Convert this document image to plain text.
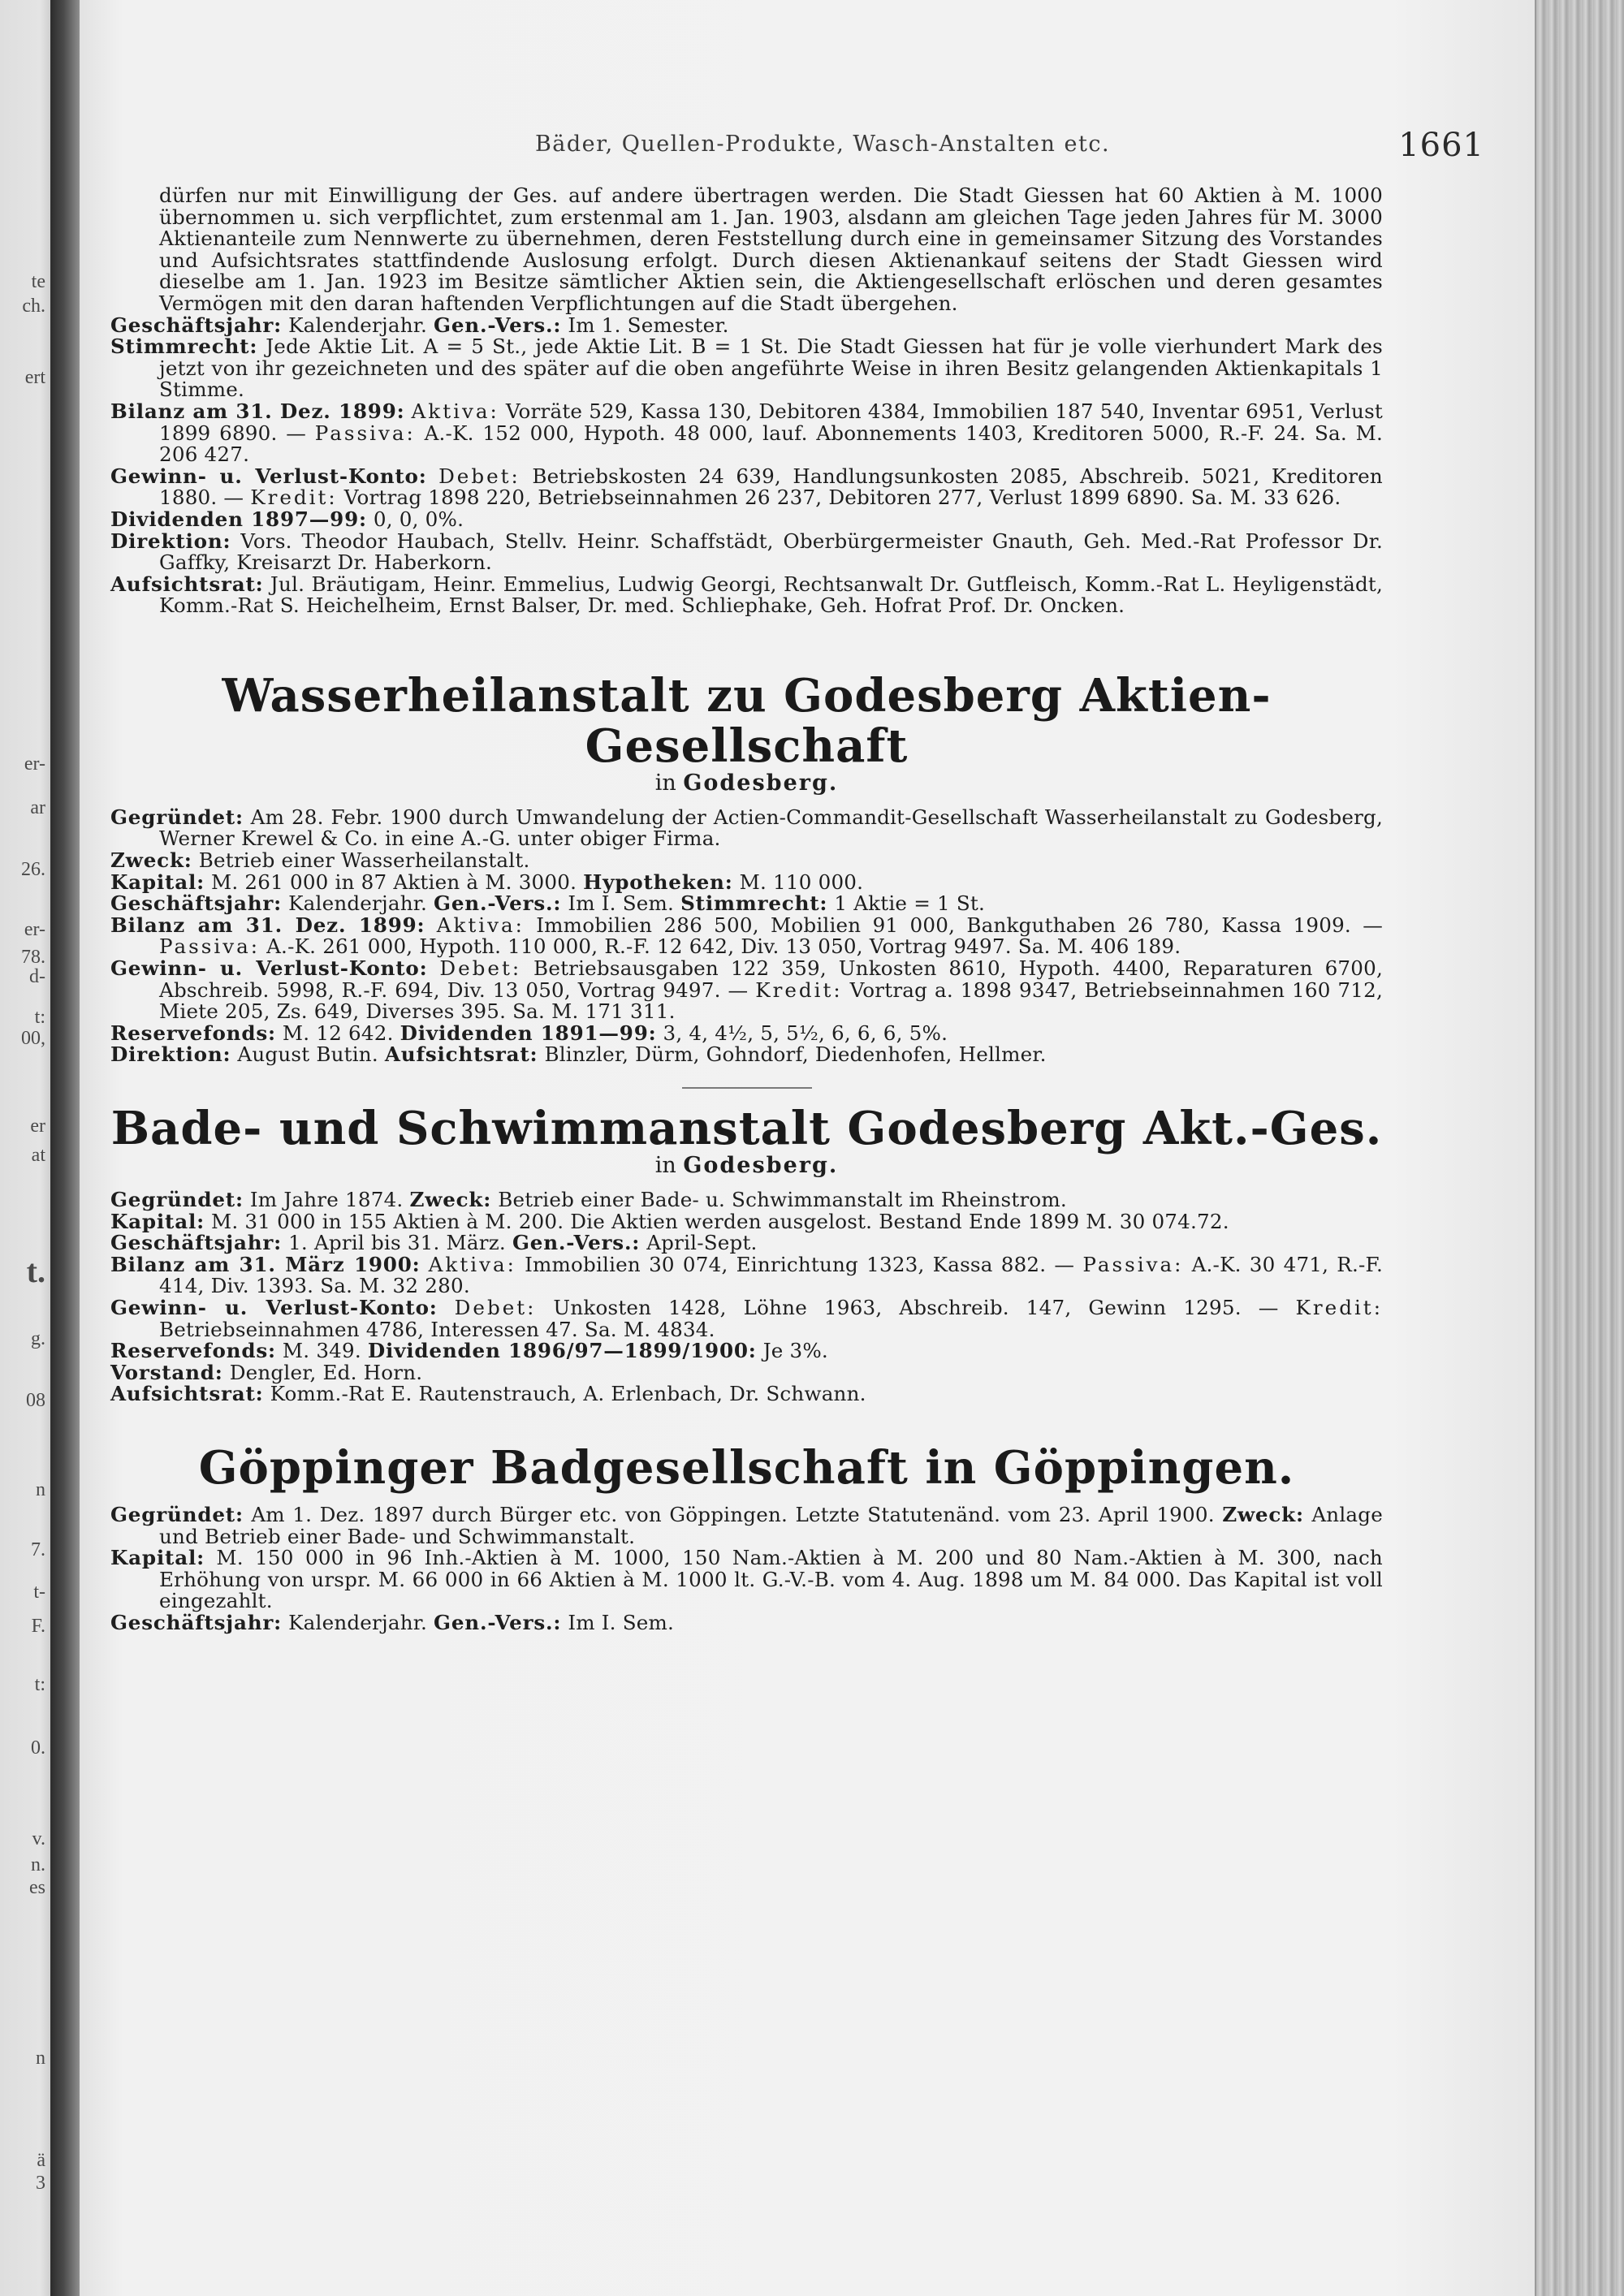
te
ch.
ert
er-
ar
26.
er-
78.
d-
t:
00,
er
at
t.
g.
08
n
7.
t-
F.
t:
0.
v.
n.
es
n
ä
3
Bäder, Quellen-Produkte, Wasch-Anstalten etc.	1661

dürfen nur mit Einwilligung der Ges. auf andere übertragen werden. Die Stadt Giessen hat 60 Aktien à M. 1000 übernommen u. sich verpflichtet, zum erstenmal am 1. Jan. 1903, alsdann am gleichen Tage jeden Jahres für M. 3000 Aktienanteile zum Nennwerte zu übernehmen, deren Feststellung durch eine in gemeinsamer Sitzung des Vorstandes und Aufsichtsrates stattfindende Auslosung erfolgt. Durch diesen Aktienankauf seitens der Stadt Giessen wird dieselbe am 1. Jan. 1923 im Besitze sämtlicher Aktien sein, die Aktiengesellschaft erlöschen und deren gesamtes Vermögen mit den daran haftenden Verpflichtungen auf die Stadt übergehen.

Geschäftsjahr: Kalenderjahr. Gen.-Vers.: Im 1. Semester.

Stimmrecht: Jede Aktie Lit. A = 5 St., jede Aktie Lit. B = 1 St. Die Stadt Giessen hat für je volle vierhundert Mark des jetzt von ihr gezeichneten und des später auf die oben angeführte Weise in ihren Besitz gelangenden Aktienkapitals 1 Stimme.

Bilanz am 31. Dez. 1899: Aktiva: Vorräte 529, Kassa 130, Debitoren 4384, Immobilien 187 540, Inventar 6951, Verlust 1899 6890. — Passiva: A.-K. 152 000, Hypoth. 48 000, lauf. Abonnements 1403, Kreditoren 5000, R.-F. 24. Sa. M. 206 427.

Gewinn- u. Verlust-Konto: Debet: Betriebskosten 24 639, Handlungsunkosten 2085, Abschreib. 5021, Kreditoren 1880. — Kredit: Vortrag 1898 220, Betriebseinnahmen 26 237, Debitoren 277, Verlust 1899 6890. Sa. M. 33 626.

Dividenden 1897—99: 0, 0, 0%.

Direktion: Vors. Theodor Haubach, Stellv. Heinr. Schaffstädt, Oberbürgermeister Gnauth, Geh. Med.-Rat Professor Dr. Gaffky, Kreisarzt Dr. Haberkorn.

Aufsichtsrat: Jul. Bräutigam, Heinr. Emmelius, Ludwig Georgi, Rechtsanwalt Dr. Gutfleisch, Komm.-Rat L. Heyligenstädt, Komm.-Rat S. Heichelheim, Ernst Balser, Dr. med. Schliephake, Geh. Hofrat Prof. Dr. Oncken.

Wasserheilanstalt zu Godesberg Aktien-Gesellschaft

in Godesberg.

Gegründet: Am 28. Febr. 1900 durch Umwandelung der Actien-Commandit-Gesellschaft Wasserheilanstalt zu Godesberg, Werner Krewel & Co. in eine A.-G. unter obiger Firma.

Zweck: Betrieb einer Wasserheilanstalt.

Kapital: M. 261 000 in 87 Aktien à M. 3000. Hypotheken: M. 110 000.

Geschäftsjahr: Kalenderjahr. Gen.-Vers.: Im I. Sem. Stimmrecht: 1 Aktie = 1 St.

Bilanz am 31. Dez. 1899: Aktiva: Immobilien 286 500, Mobilien 91 000, Bankguthaben 26 780, Kassa 1909. — Passiva: A.-K. 261 000, Hypoth. 110 000, R.-F. 12 642, Div. 13 050, Vortrag 9497. Sa. M. 406 189.

Gewinn- u. Verlust-Konto: Debet: Betriebsausgaben 122 359, Unkosten 8610, Hypoth. 4400, Reparaturen 6700, Abschreib. 5998, R.-F. 694, Div. 13 050, Vortrag 9497. — Kredit: Vortrag a. 1898 9347, Betriebseinnahmen 160 712, Miete 205, Zs. 649, Diverses 395. Sa. M. 171 311.

Reservefonds: M. 12 642. Dividenden 1891—99: 3, 4, 4½, 5, 5½, 6, 6, 6, 5%.

Direktion: August Butin. Aufsichtsrat: Blinzler, Dürm, Gohndorf, Diedenhofen, Hellmer.

Bade- und Schwimmanstalt Godesberg Akt.-Ges.

in Godesberg.

Gegründet: Im Jahre 1874. Zweck: Betrieb einer Bade- u. Schwimmanstalt im Rheinstrom.

Kapital: M. 31 000 in 155 Aktien à M. 200. Die Aktien werden ausgelost. Bestand Ende 1899 M. 30 074.72.

Geschäftsjahr: 1. April bis 31. März. Gen.-Vers.: April-Sept.

Bilanz am 31. März 1900: Aktiva: Immobilien 30 074, Einrichtung 1323, Kassa 882. — Passiva: A.-K. 30 471, R.-F. 414, Div. 1393. Sa. M. 32 280.

Gewinn- u. Verlust-Konto: Debet: Unkosten 1428, Löhne 1963, Abschreib. 147, Gewinn 1295. — Kredit: Betriebseinnahmen 4786, Interessen 47. Sa. M. 4834.

Reservefonds: M. 349. Dividenden 1896/97—1899/1900: Je 3%.

Vorstand: Dengler, Ed. Horn.

Aufsichtsrat: Komm.-Rat E. Rautenstrauch, A. Erlenbach, Dr. Schwann.

Göppinger Badgesellschaft in Göppingen.

Gegründet: Am 1. Dez. 1897 durch Bürger etc. von Göppingen. Letzte Statutenänd. vom 23. April 1900. Zweck: Anlage und Betrieb einer Bade- und Schwimmanstalt.

Kapital: M. 150 000 in 96 Inh.-Aktien à M. 1000, 150 Nam.-Aktien à M. 200 und 80 Nam.-Aktien à M. 300, nach Erhöhung von urspr. M. 66 000 in 66 Aktien à M. 1000 lt. G.-V.-B. vom 4. Aug. 1898 um M. 84 000. Das Kapital ist voll eingezahlt.

Geschäftsjahr: Kalenderjahr. Gen.-Vers.: Im I. Sem.
